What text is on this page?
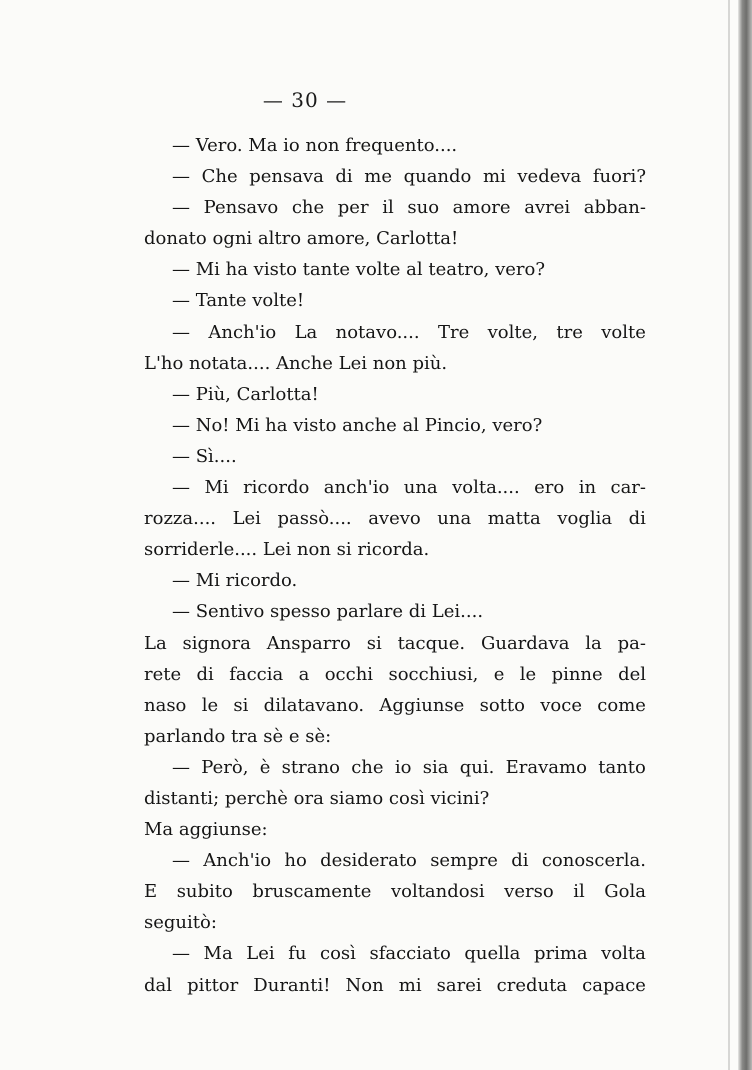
— 30 —
— Vero. Ma io non frequento....
— Che pensava di me quando mi vedeva fuori?
— Pensavo che per il suo amore avrei abban-
donato ogni altro amore, Carlotta!
— Mi ha visto tante volte al teatro, vero?
— Tante volte!
— Anch'io La notavo.... Tre volte, tre volte
L'ho notata.... Anche Lei non più.
— Più, Carlotta!
— No! Mi ha visto anche al Pincio, vero?
— Sì....
— Mi ricordo anch'io una volta.... ero in car-
rozza.... Lei passò.... avevo una matta voglia di
sorriderle.... Lei non si ricorda.
— Mi ricordo.
— Sentivo spesso parlare di Lei....
La signora Ansparro si tacque. Guardava la pa-
rete di faccia a occhi socchiusi, e le pinne del
naso le si dilatavano. Aggiunse sotto voce come
parlando tra sè e sè:
— Però, è strano che io sia qui. Eravamo tanto
distanti; perchè ora siamo così vicini?
Ma aggiunse:
— Anch'io ho desiderato sempre di conoscerla.
E subito bruscamente voltandosi verso il Gola
seguitò:
— Ma Lei fu così sfacciato quella prima volta
dal pittor Duranti! Non mi sarei creduta capace
